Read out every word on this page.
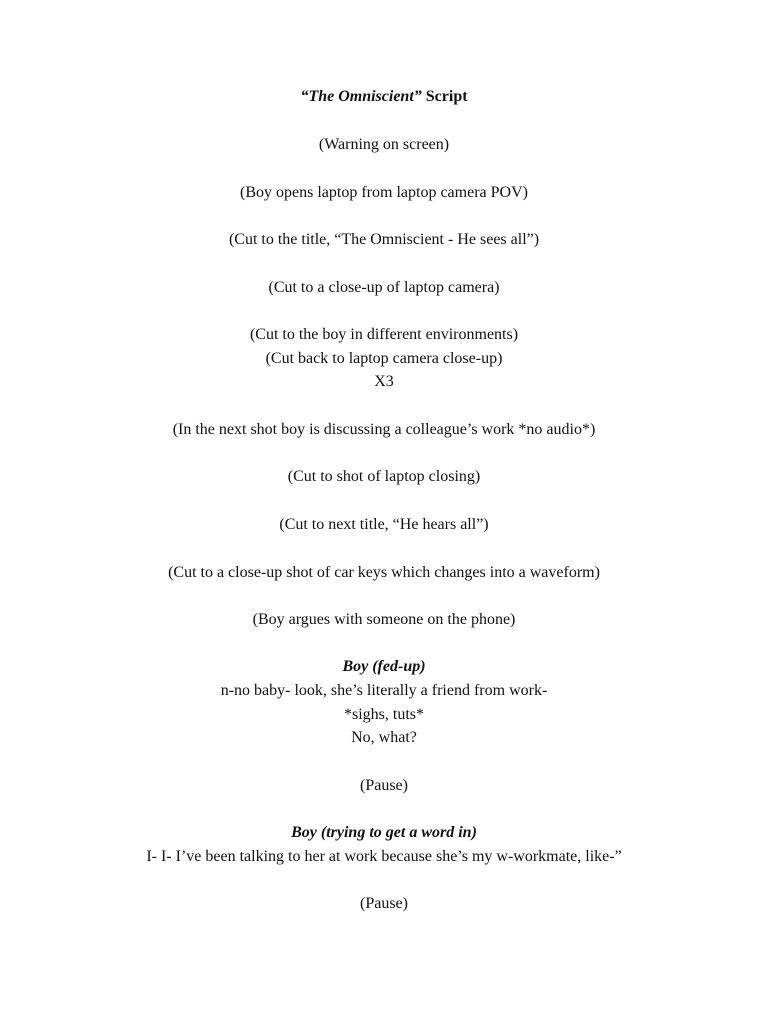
“The Omniscient” Script
(Warning on screen)
(Boy opens laptop from laptop camera POV)
(Cut to the title, “The Omniscient - He sees all”)
(Cut to a close-up of laptop camera)
(Cut to the boy in different environments)
(Cut back to laptop camera close-up)
X3
(In the next shot boy is discussing a colleague’s work *no audio*)
(Cut to shot of laptop closing)
(Cut to next title, “He hears all”)
(Cut to a close-up shot of car keys which changes into a waveform)
(Boy argues with someone on the phone)
Boy (fed-up)
n-no baby- look, she’s literally a friend from work-
*sighs, tuts*
No, what?
(Pause)
Boy (trying to get a word in)
I- I- I’ve been talking to her at work because she’s my w-workmate, like-”
(Pause)
